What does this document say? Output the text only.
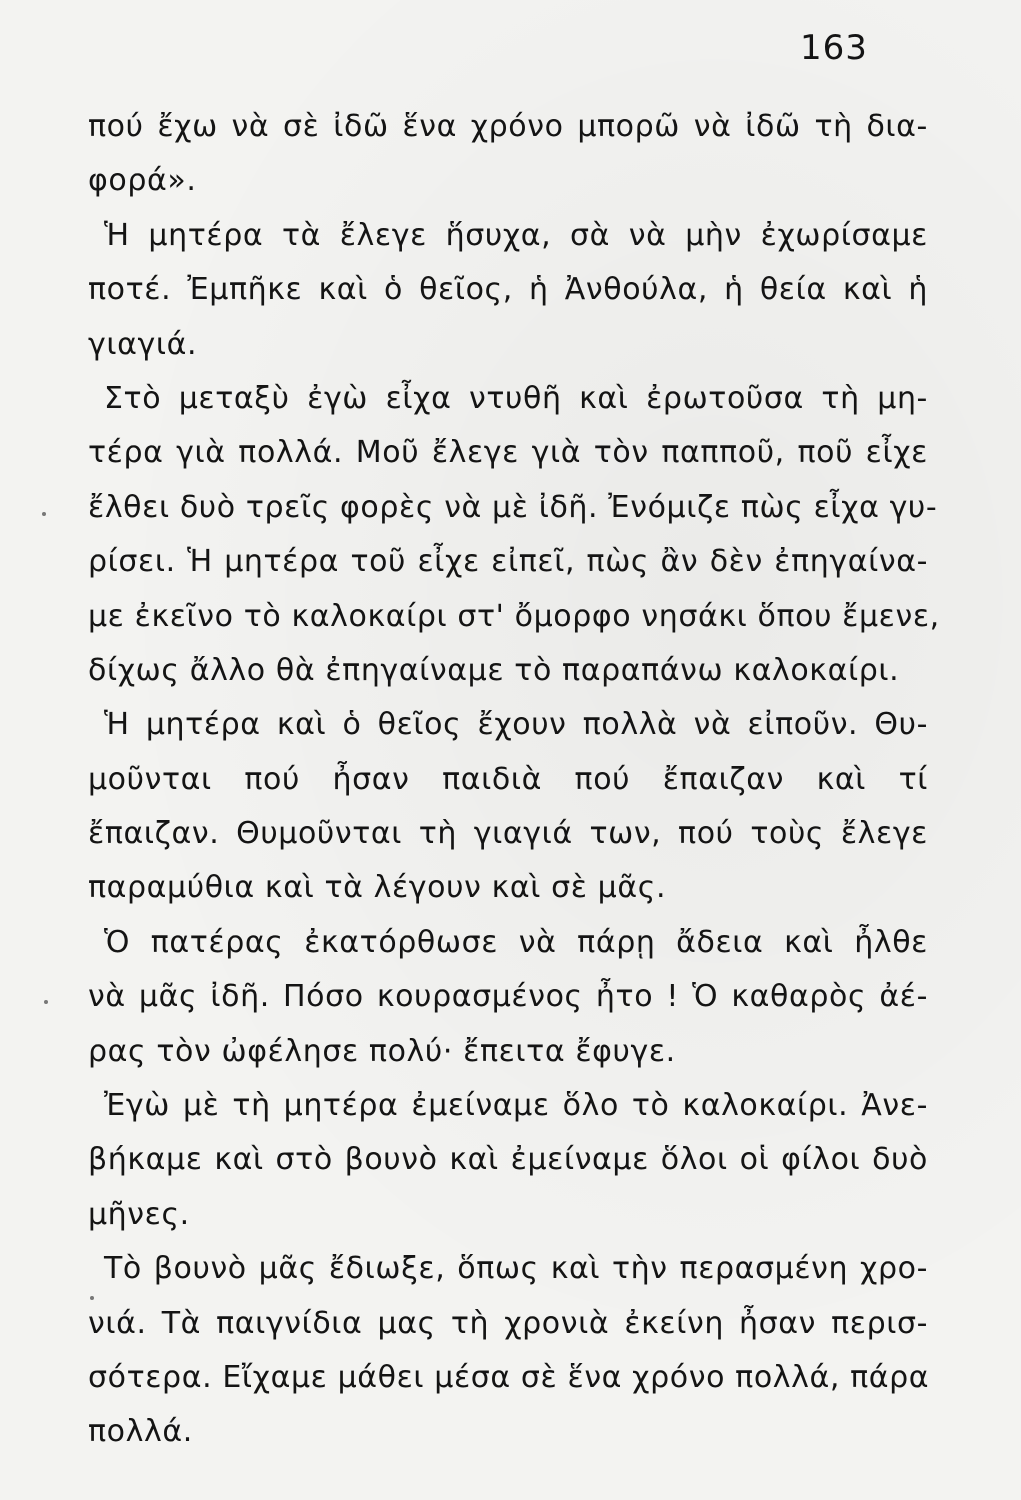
163
πού ἔχω νὰ σὲ ἰδῶ ἕνα χρόνο μπορῶ νὰ ἰδῶ τὴ δια-
φορά».
Ἡ μητέρα τὰ ἔλεγε ἥσυχα, σὰ νὰ μὴν ἐχωρίσαμε
ποτέ. Ἐμπῆκε καὶ ὁ θεῖος, ἡ Ἀνθούλα, ἡ θεία καὶ ἡ
γιαγιά.
Στὸ μεταξὺ ἐγὼ εἶχα ντυθῆ καὶ ἐρωτοῦσα τὴ μη-
τέρα γιὰ πολλά. Μοῦ ἔλεγε γιὰ τὸν παπποῦ, ποῦ εἶχε
ἔλθει δυὸ τρεῖς φορὲς νὰ μὲ ἰδῆ. Ἐνόμιζε πὼς εἶχα γυ-
ρίσει. Ἡ μητέρα τοῦ εἶχε εἰπεῖ, πὼς ἂν δὲν ἐπηγαίνα-
με ἐκεῖνο τὸ καλοκαίρι στ' ὄμορφο νησάκι ὅπου ἔμενε,
δίχως ἄλλο θὰ ἐπηγαίναμε τὸ παραπάνω καλοκαίρι.
Ἡ μητέρα καὶ ὁ θεῖος ἔχουν πολλὰ νὰ εἰποῦν. Θυ-
μοῦνται πού ἦσαν παιδιὰ πού ἔπαιζαν καὶ τί
ἔπαιζαν. Θυμοῦνται τὴ γιαγιά των, πού τοὺς ἔλεγε
παραμύθια καὶ τὰ λέγουν καὶ σὲ μᾶς.
Ὁ πατέρας ἐκατόρθωσε νὰ πάρῃ ἄδεια καὶ ἦλθε
νὰ μᾶς ἰδῆ. Πόσο κουρασμένος ἦτο ! Ὁ καθαρὸς ἀέ-
ρας τὸν ὠφέλησε πολύ· ἔπειτα ἔφυγε.
Ἐγὼ μὲ τὴ μητέρα ἐμείναμε ὅλο τὸ καλοκαίρι. Ἀνε-
βήκαμε καὶ στὸ βουνὸ καὶ ἐμείναμε ὅλοι οἱ φίλοι δυὸ
μῆνες.
Τὸ βουνὸ μᾶς ἔδιωξε, ὅπως καὶ τὴν περασμένη χρο-
νιά. Τὰ παιγνίδια μας τὴ χρονιὰ ἐκείνη ἦσαν περισ-
σότερα. Εἴχαμε μάθει μέσα σὲ ἕνα χρόνο πολλά, πάρα
πολλά.
